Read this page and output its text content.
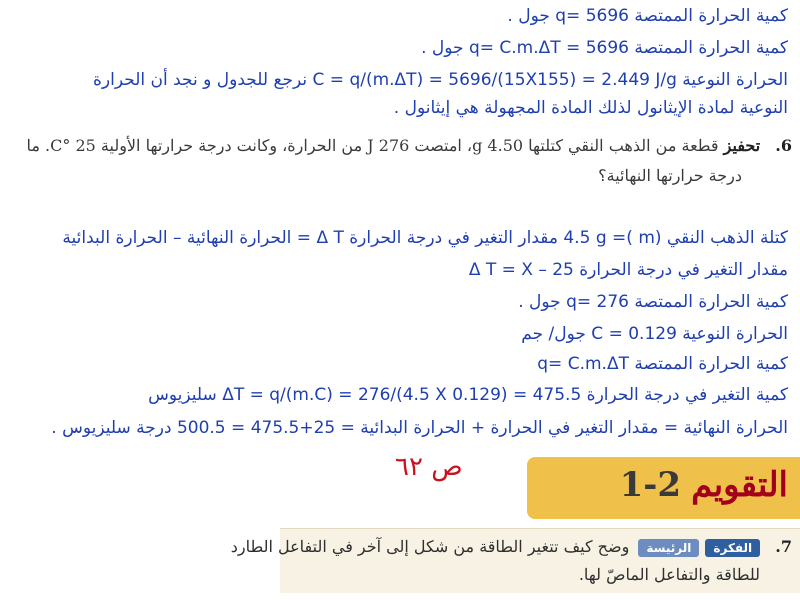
كمية الحرارة الممتصة q= 5696 جول .
كمية الحرارة الممتصة q= C.m.ΔT = 5696 جول .
الحرارة النوعية C = q/(m.ΔT) = 5696/(15X155) = 2.449 J/g نرجع للجدول و نجد أن الحرارة
النوعية لمادة الإيثانول لذلك المادة المجهولة هي إيثانول .
6. تحفيز قطعة من الذهب النقي كتلتها 4.50 g، امتصت 276 J من الحرارة، وكانت درجة حرارتها الأولية 25 °C. ما
درجة حرارتها النهائية؟
كتلة الذهب النقي (m )= 4.5 g مقدار التغير في درجة الحرارة Δ T = الحرارة النهائية – الحرارة البدائية
مقدار التغير في درجة الحرارة Δ T = X – 25
كمية الحرارة الممتصة q= 276 جول .
الحرارة النوعية C = 0.129 جول/ جم
كمية الحرارة الممتصة q= C.m.ΔT
كمية التغير في درجة الحرارة ΔT = q/(m.C) = 276/(4.5 X 0.129) = 475.5 سليزيوس
الحرارة النهائية = مقدار التغير في الحرارة + الحرارة البدائية = 25+475.5 = 500.5 درجة سليزيوس .
ص ٦٢	التقويم2-1
7. الفكرةالرئيسة وضح كيف تتغير الطاقة من شكل إلى آخر في التفاعل الطارد
للطاقة والتفاعل الماصّ لها.
